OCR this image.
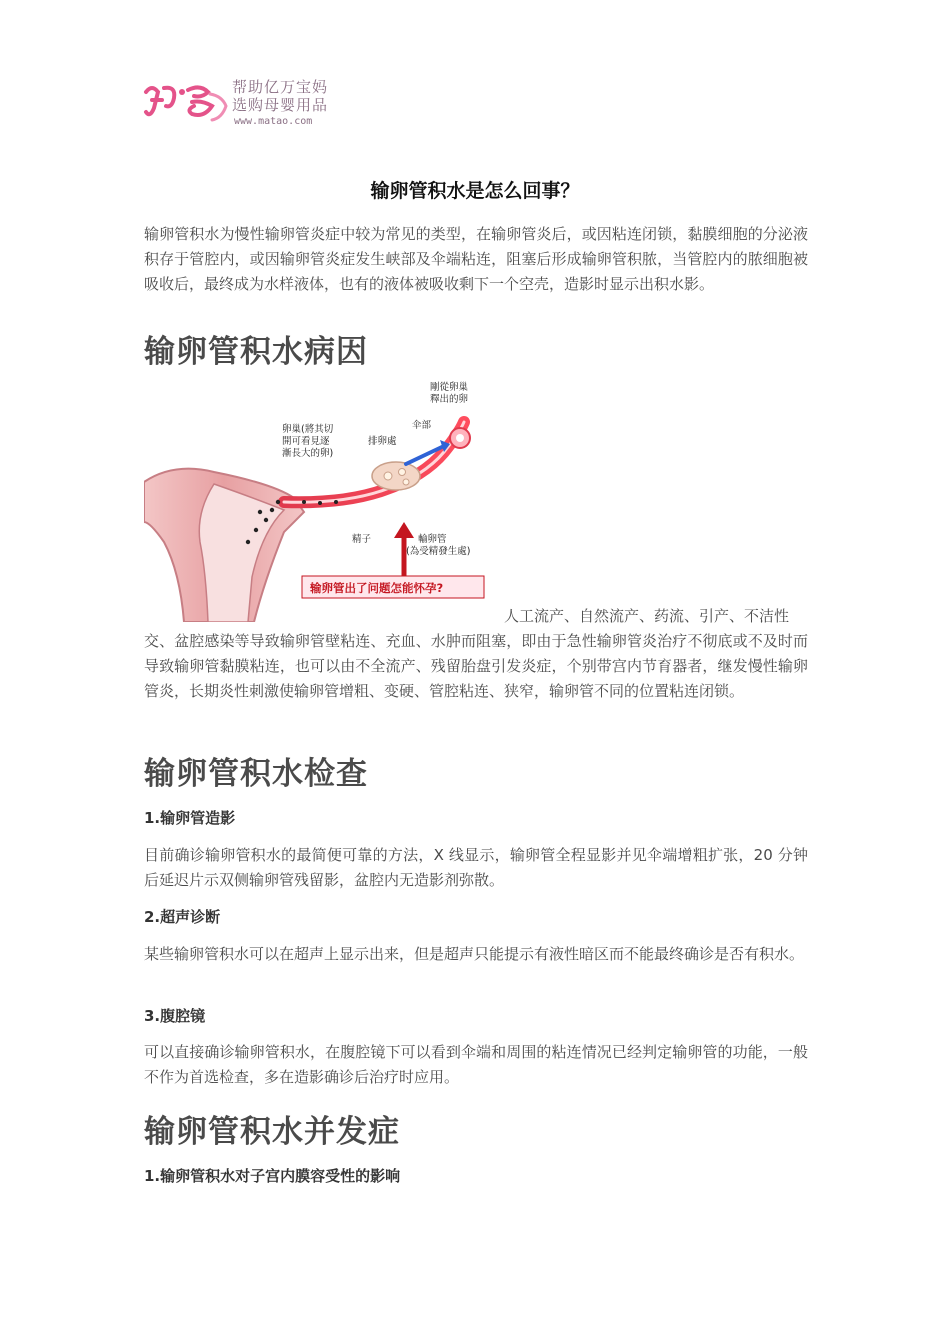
帮助亿万宝妈
选购母婴用品
www.matao.com
输卵管积水是怎么回事？
输卵管积水为慢性输卵管炎症中较为常见的类型，在输卵管炎后，或因粘连闭锁，黏膜细胞的分泌液积存于管腔内，或因输卵管炎症发生峡部及伞端粘连，阻塞后形成输卵管积脓，当管腔内的脓细胞被吸收后，最终成为水样液体，也有的液体被吸收剩下一个空壳，造影时显示出积水影。
输卵管积水病因
卵巢(將其切開可看見逐漸長大的卵)
排卵處
伞部
剛從卵巢釋出的卵
精子	輸卵管(為受精發生處)
输卵管出了问题怎能怀孕?
人工流产、自然流产、药流、引产、不洁性
交、盆腔感染等导致输卵管壁粘连、充血、水肿而阻塞，即由于急性输卵管炎治疗不彻底或不及时而导致输卵管黏膜粘连，也可以由不全流产、残留胎盘引发炎症，个别带宫内节育器者，继发慢性输卵管炎，长期炎性刺激使输卵管增粗、变硬、管腔粘连、狭窄，输卵管不同的位置粘连闭锁。
输卵管积水检查
1.输卵管造影
目前确诊输卵管积水的最简便可靠的方法，X 线显示，输卵管全程显影并见伞端增粗扩张，20 分钟后延迟片示双侧输卵管残留影，盆腔内无造影剂弥散。
2.超声诊断
某些输卵管积水可以在超声上显示出来，但是超声只能提示有液性暗区而不能最终确诊是否有积水。
3.腹腔镜
可以直接确诊输卵管积水，在腹腔镜下可以看到伞端和周围的粘连情况已经判定输卵管的功能，一般不作为首选检查，多在造影确诊后治疗时应用。
输卵管积水并发症
1.输卵管积水对子宫内膜容受性的影响
